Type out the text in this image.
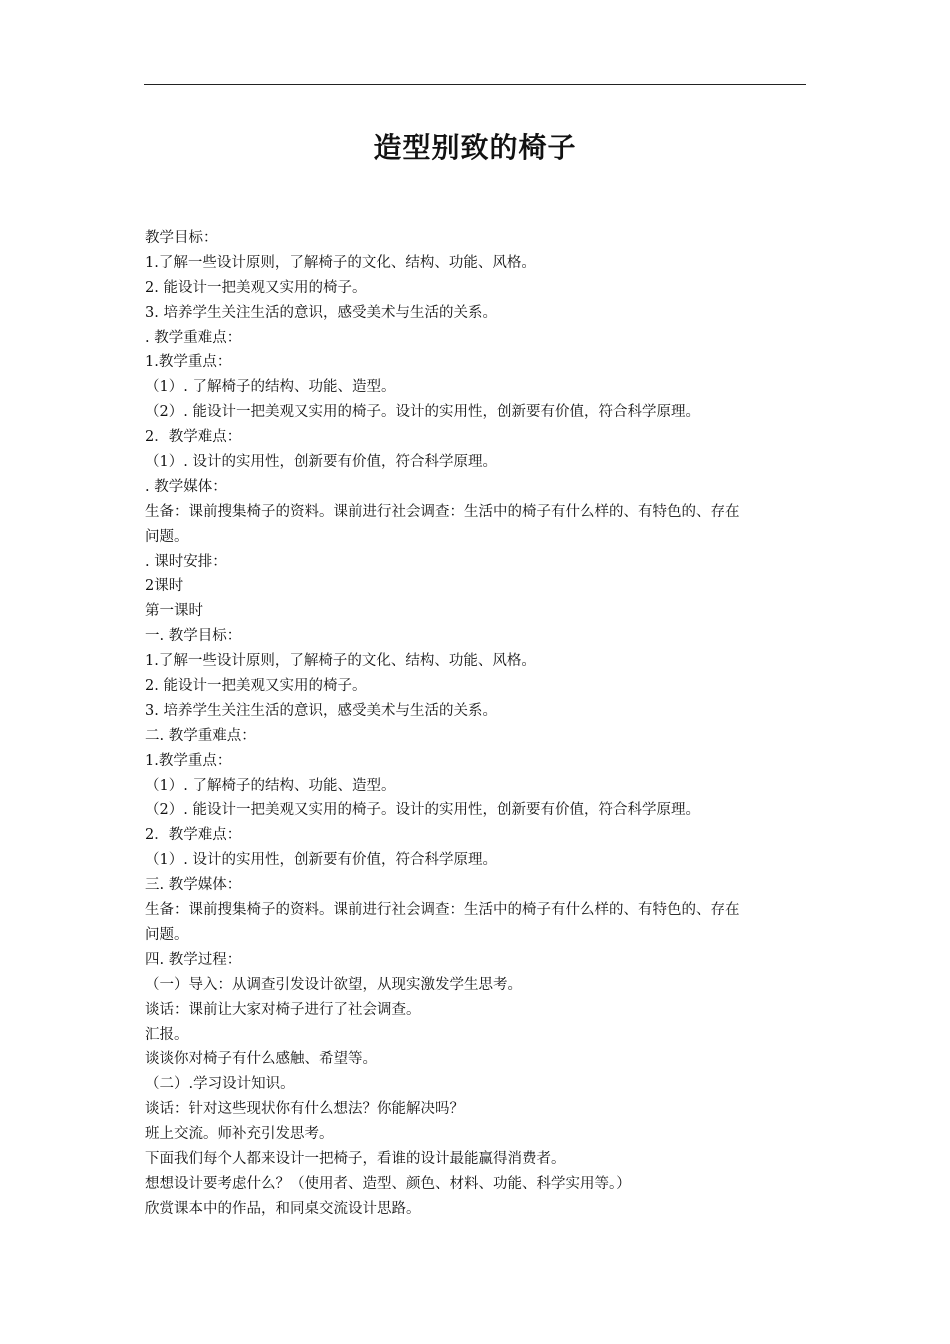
造型别致的椅子
教学目标：
1.了解一些设计原则，了解椅子的文化、结构、功能、风格。
2. 能设计一把美观又实用的椅子。
3. 培养学生关注生活的意识，感受美术与生活的关系。
. 教学重难点：
1.教学重点：
（1）. 了解椅子的结构、功能、造型。
（2）. 能设计一把美观又实用的椅子。设计的实用性，创新要有价值，符合科学原理。
2．教学难点：
（1）. 设计的实用性，创新要有价值，符合科学原理。
. 教学媒体：
生备：课前搜集椅子的资料。课前进行社会调查：生活中的椅子有什么样的、有特色的、存在
问题。
. 课时安排：
2课时
第一课时
一. 教学目标：
1.了解一些设计原则，了解椅子的文化、结构、功能、风格。
2. 能设计一把美观又实用的椅子。
3. 培养学生关注生活的意识，感受美术与生活的关系。
二. 教学重难点：
1.教学重点：
（1）. 了解椅子的结构、功能、造型。
（2）. 能设计一把美观又实用的椅子。设计的实用性，创新要有价值，符合科学原理。
2．教学难点：
（1）. 设计的实用性，创新要有价值，符合科学原理。
三. 教学媒体：
生备：课前搜集椅子的资料。课前进行社会调查：生活中的椅子有什么样的、有特色的、存在
问题。
四. 教学过程：
（一）导入：从调查引发设计欲望，从现实激发学生思考。
谈话：课前让大家对椅子进行了社会调查。
汇报。
谈谈你对椅子有什么感触、希望等。
（二）.学习设计知识。
谈话：针对这些现状你有什么想法？你能解决吗？
班上交流。师补充引发思考。
下面我们每个人都来设计一把椅子，看谁的设计最能赢得消费者。
想想设计要考虑什么？（使用者、造型、颜色、材料、功能、科学实用等。）
欣赏课本中的作品，和同桌交流设计思路。
